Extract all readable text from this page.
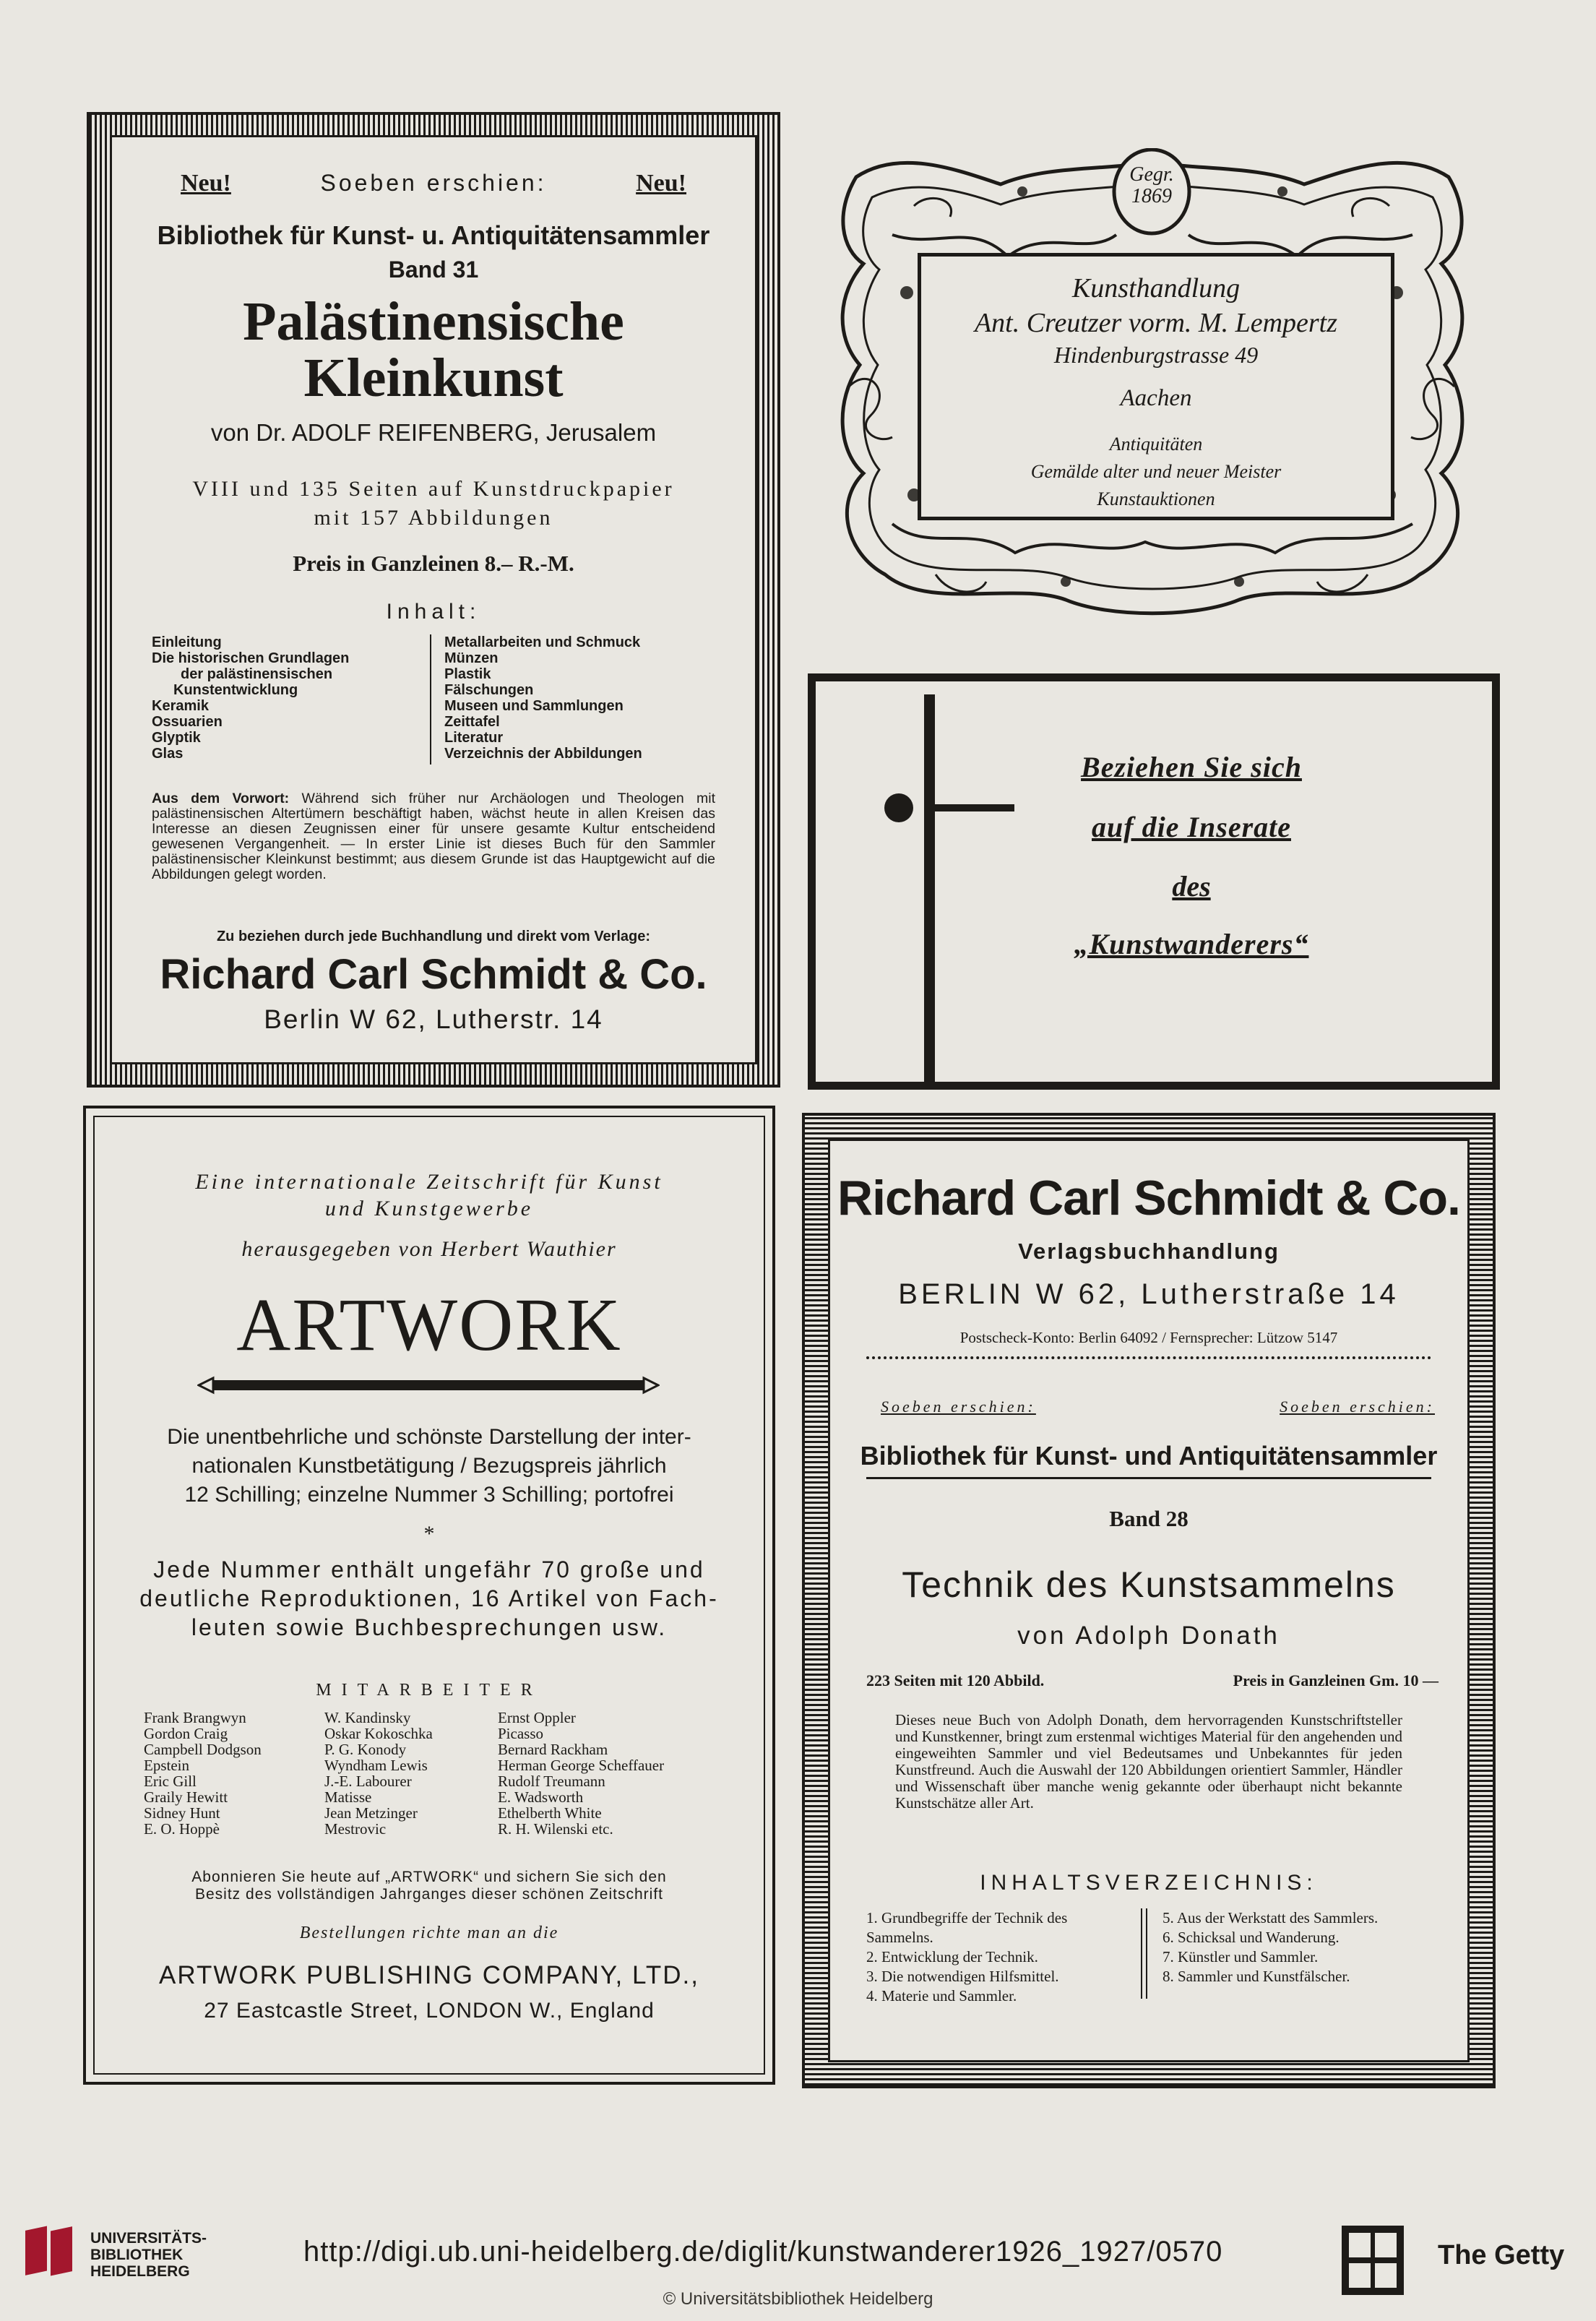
Neu!	Soeben erschien:	Neu!
Bibliothek für Kunst- u. Antiquitätensammler
Band 31
Palästinensische
Kleinkunst
von Dr. ADOLF REIFENBERG, Jerusalem
VIII und 135 Seiten auf Kunstdruckpapier
mit 157 Abbildungen
Preis in Ganzleinen 8.– R.-M.
Inhalt:
Einleitung
Die historischen Grundlagen
der palästinensischen
Kunstentwicklung
Keramik
Ossuarien
Glyptik
Glas
Metallarbeiten und Schmuck
Münzen
Plastik
Fälschungen
Museen und Sammlungen
Zeittafel
Literatur
Verzeichnis der Abbildungen
Aus dem Vorwort: Während sich früher nur Archäologen und Theologen mit palästinensischen Altertümern beschäftigt haben, wächst heute in allen Kreisen das Interesse an diesen Zeugnissen einer für unsere gesamte Kultur entscheidend gewesenen Vergangenheit. — In erster Linie ist dieses Buch für den Sammler palästinensischer Kleinkunst bestimmt; aus diesem Grunde ist das Hauptgewicht auf die Abbildungen gelegt worden.
Zu beziehen durch jede Buchhandlung und direkt vom Verlage:
Richard Carl Schmidt & Co.
Berlin W 62, Lutherstr. 14
Gegr. 1869
Kunsthandlung
Ant. Creutzer vorm. M. Lempertz
Hindenburgstrasse 49
Aachen
Antiquitäten
Gemälde alter und neuer Meister
Kunstauktionen
Beziehen Sie sich
auf die Inserate
des
„Kunstwanderers“
Eine internationale Zeitschrift für Kunst
und Kunstgewerbe
herausgegeben von Herbert Wauthier
ARTWORK
Die unentbehrliche und schönste Darstellung der inter-
nationalen Kunstbetätigung / Bezugspreis jährlich
12 Schilling; einzelne Nummer 3 Schilling; portofrei
*
Jede Nummer enthält ungefähr 70 große und
deutliche Reproduktionen, 16 Artikel von Fach-
leuten sowie Buchbesprechungen usw.
MITARBEITER
Frank Brangwyn
Gordon Craig
Campbell Dodgson
Epstein
Eric Gill
Graily Hewitt
Sidney Hunt
E. O. Hoppè
W. Kandinsky
Oskar Kokoschka
P. G. Konody
Wyndham Lewis
J.-E. Labourer
Matisse
Jean Metzinger
Mestrovic
Ernst Oppler
Picasso
Bernard Rackham
Herman George Scheffauer
Rudolf Treumann
E. Wadsworth
Ethelberth White
R. H. Wilenski etc.
Abonnieren Sie heute auf „ARTWORK“ und sichern Sie sich den
Besitz des vollständigen Jahrganges dieser schönen Zeitschrift
Bestellungen richte man an die
ARTWORK PUBLISHING COMPANY, LTD.,
27 Eastcastle Street, LONDON W., England
Richard Carl Schmidt & Co.
Verlagsbuchhandlung
BERLIN W 62, Lutherstraße 14
Postscheck-Konto: Berlin 64092 / Fernsprecher: Lützow 5147
Soeben erschien:	Soeben erschien:
Bibliothek für Kunst- und Antiquitätensammler
Band 28
Technik des Kunstsammelns
von Adolph Donath
223 Seiten mit 120 Abbild.	Preis in Ganzleinen Gm. 10 —
Dieses neue Buch von Adolph Donath, dem hervorragenden Kunstschriftsteller und Kunstkenner, bringt zum erstenmal wichtiges Material für den angehenden und eingeweihten Sammler und viel Bedeutsames und Unbekanntes für jeden Kunstfreund. Auch die Auswahl der 120 Abbildungen orientiert Sammler, Händler und Wissenschaft über manche wenig gekannte oder überhaupt nicht bekannte Kunstschätze aller Art.
INHALTSVERZEICHNIS:
1. Grundbegriffe der Technik des Sammelns.
2. Entwicklung der Technik.
3. Die notwendigen Hilfsmittel.
4. Materie und Sammler.
5. Aus der Werkstatt des Sammlers.
6. Schicksal und Wanderung.
7. Künstler und Sammler.
8. Sammler und Kunstfälscher.
UNIVERSITÄTS-
BIBLIOTHEK
HEIDELBERG
http://digi.ub.uni-heidelberg.de/diglit/kunstwanderer1926_1927/0570
© Universitätsbibliothek Heidelberg
The Getty
